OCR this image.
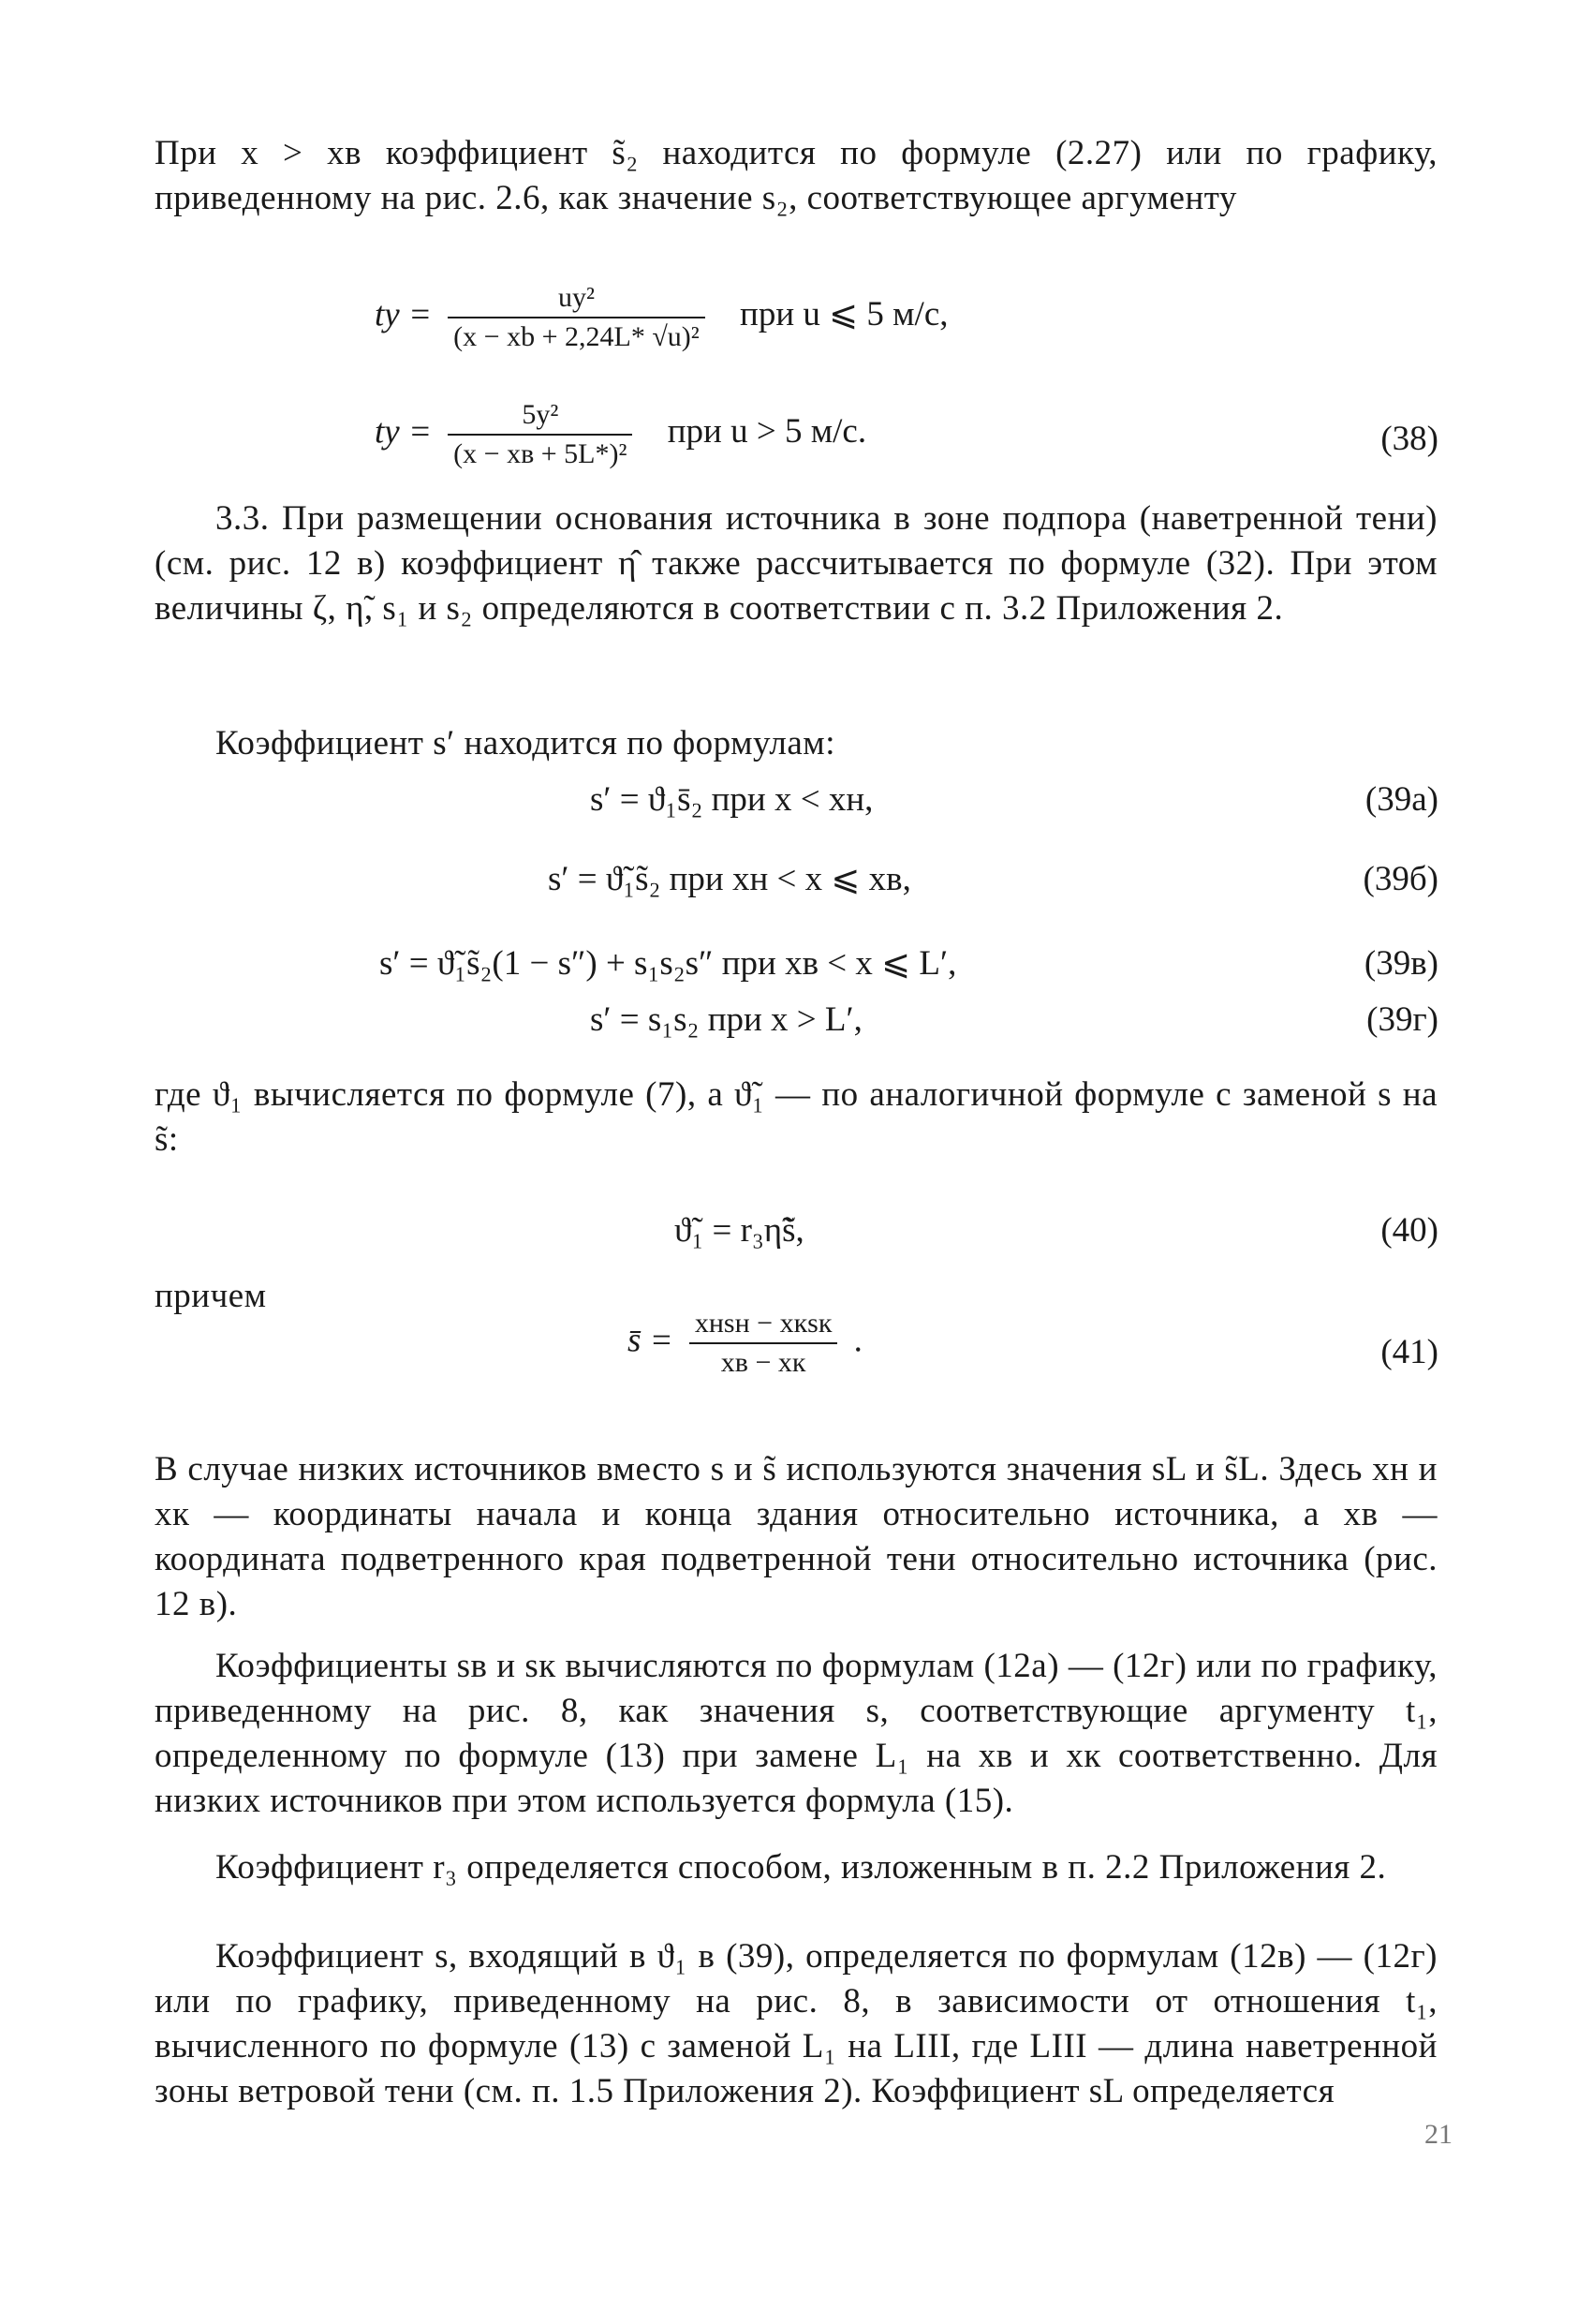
При x > xв коэффициент s̃₂ находится по формуле (2.27) или по графику, приведенному на рис. 2.6, как значение s₂, соответствующее аргументу
ty = $\frac{\text{uy²}}{\text{(x − xb + 2,24L* √u)²}}$ при u ⩽ 5 м/с,
ty = $\frac{\text{5y²}}{\text{(x − xв + 5L*)²}}$ при u > 5 м/с.	(38)
3.3. При размещении основания источника в зоне подпора (наветренной тени) (см. рис. 12 в) коэффициент η̂ также рассчитывается по формуле (32). При этом величины ζ, η̃, s₁ и s₂ определяются в соответствии с п. 3.2 Приложения 2.
Коэффициент s′ находится по формулам:
s′ = ϑ₁s̄₂ при x < xн,	(39а)
s′ = ϑ̃₁s̃₂ при xн < x ⩽ xв,	(39б)
s′ = ϑ̃₁s̃₂(1 − s″) + s₁s₂s″ при xв < x ⩽ L′,	(39в)
s′ = s₁s₂ при x > L′,	(39г)
где ϑ₁ вычисляется по формуле (7), а ϑ̃₁ — по аналогичной формуле с заменой s на s̃:
ϑ̃₁ = r₃η̃s̃,	(40)
причем
s̄ = $\frac{\text{xнsн − xкsк}}{xв - xк}$ .	(41)
В случае низких источников вместо s и s̃ используются значения sL и s̃L. Здесь xн и xк — координаты начала и конца здания относительно источника, а xв — координата подветренного края подветренной тени относительно источника (рис. 12 в).
Коэффициенты sв и sк вычисляются по формулам (12а) — (12г) или по графику, приведенному на рис. 8, как значения s, соответствующие аргументу t₁, определенному по формуле (13) при замене L₁ на xв и xк соответственно. Для низких источников при этом используется формула (15).
Коэффициент r₃ определяется способом, изложенным в п. 2.2 Приложения 2.
Коэффициент s, входящий в ϑ₁ в (39), определяется по формулам (12в) — (12г) или по графику, приведенному на рис. 8, в зависимости от отношения t₁, вычисленного по формуле (13) с заменой L₁ на LIII, где LIII — длина наветренной зоны ветровой тени (см. п. 1.5 Приложения 2). Коэффициент sL определяется
21
